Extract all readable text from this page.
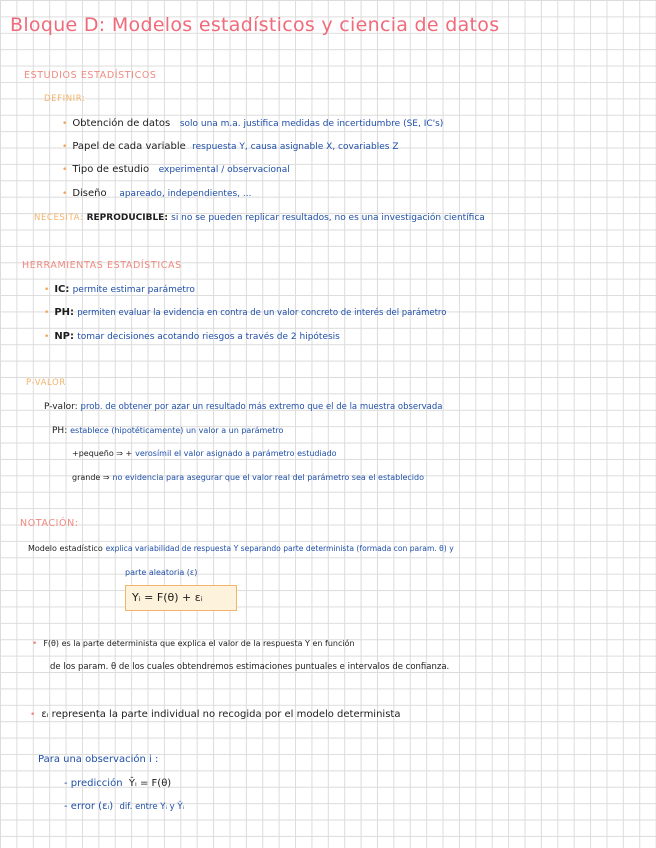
Bloque D: Modelos estadísticos y ciencia de datos
ESTUDIOS ESTADÍSTICOS
DEFINIR:
• Obtención de datos solo una m.a. justifica medidas de incertidumbre (SE, IC's)
• Papel de cada variable respuesta Y, causa asignable X, covariables Z
• Tipo de estudio experimental / observacional
• Diseño apareado, independientes, ...
NECESITA: REPRODUCIBLE: si no se pueden replicar resultados, no es una investigación científica
HERRAMIENTAS ESTADÍSTICAS
• IC: permite estimar parámetro
• PH: permiten evaluar la evidencia en contra de un valor concreto de interés del parámetro
• NP: tomar decisiones acotando riesgos a través de 2 hipótesis
P-VALOR
P-valor: prob. de obtener por azar un resultado más extremo que el de la muestra observada
PH: establece (hipotéticamente) un valor a un parámetro
+pequeño ⇒ + verosímil el valor asignado a parámetro estudiado
grande ⇒ no evidencia para asegurar que el valor real del parámetro sea el establecido
NOTACIÓN:
Modelo estadístico explica variabilidad de respuesta Y separando parte determinista (formada con param. θ) y
parte aleatoria (ε)
Yᵢ = F(θ) + εᵢ
• F(θ) es la parte determinista que explica el valor de la respuesta Y en función
de los param. θ de los cuales obtendremos estimaciones puntuales e intervalos de confianza.
• εᵢ representa la parte individual no recogida por el modelo determinista
Para una observación i :
- predicción Ŷᵢ = F(θ)
- error (εᵢ) dif. entre Yᵢ y Ŷᵢ
